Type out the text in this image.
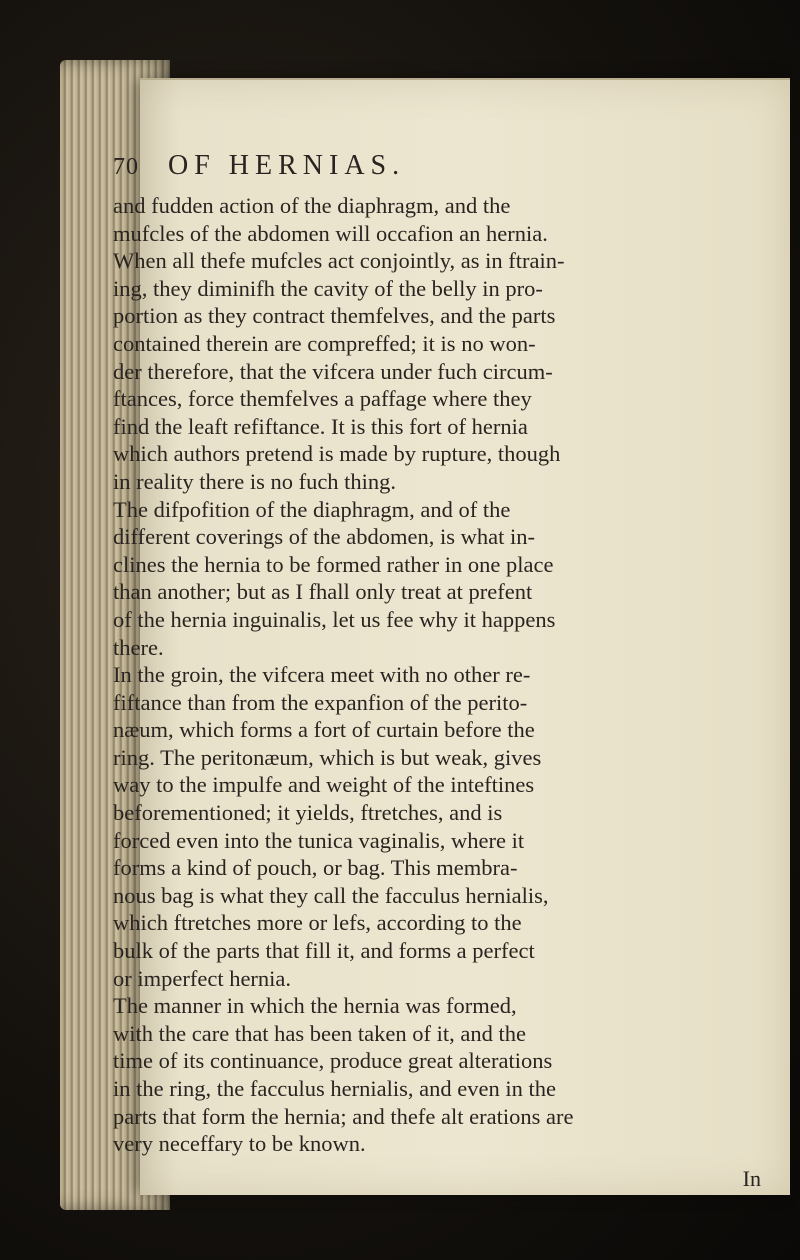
70	OF HERNIAS.
and fudden action of the diaphragm, and the
mufcles of the abdomen will occafion an hernia.
When all thefe mufcles act conjointly, as in ftrain-
ing, they diminifh the cavity of the belly in pro-
portion as they contract themfelves, and the parts
contained therein are compreffed; it is no won-
der therefore, that the vifcera under fuch circum-
ftances, force themfelves a paffage where they
find the leaft refiftance. It is this fort of hernia
which authors pretend is made by rupture, though
in reality there is no fuch thing.
The difpofition of the diaphragm, and of the
different coverings of the abdomen, is what in-
clines the hernia to be formed rather in one place
than another; but as I fhall only treat at prefent
of the hernia inguinalis, let us fee why it happens
there.
In the groin, the vifcera meet with no other re-
fiftance than from the expanfion of the perito-
næum, which forms a fort of curtain before the
ring. The peritonæum, which is but weak, gives
way to the impulfe and weight of the inteftines
beforementioned; it yields, ftretches, and is
forced even into the tunica vaginalis, where it
forms a kind of pouch, or bag. This membra-
nous bag is what they call the facculus hernialis,
which ftretches more or lefs, according to the
bulk of the parts that fill it, and forms a perfect
or imperfect hernia.
The manner in which the hernia was formed,
with the care that has been taken of it, and the
time of its continuance, produce great alterations
in the ring, the facculus hernialis, and even in the
parts that form the hernia; and thefe alt erations are
very neceffary to be known.
In
